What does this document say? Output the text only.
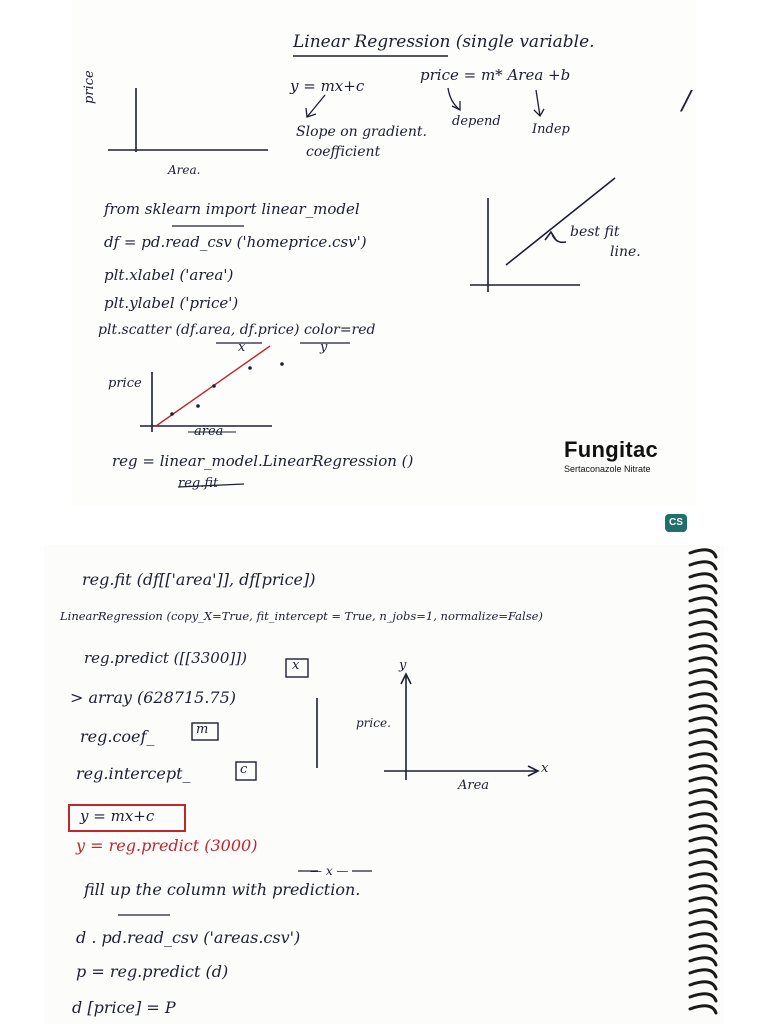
Linear Regression (single variable.
y = mx+c
price = m* Area +b
Slope on gradient.
coefficient
depend
Indep
price
Area.
/
from sklearn import linear_model
df = pd.read_csv ('homeprice.csv')
plt.xlabel ('area')
plt.ylabel ('price')
plt.scatter (df.area, df.price) color=red
x	y
best fit
line.
price
area
reg = linear_model.LinearRegression ()
reg.fit
Fungitac
Sertaconazole Nitrate
CS
reg.fit (df[['area']], df[price])
LinearRegression (copy_X=True, fit_intercept = True, n_jobs=1, normalize=False)
reg.predict ([[3300]])	x
> array (628715.75)
reg.coef_	m
reg.intercept_	c
price.
y
x
Area
y = mx+c
y = reg.predict (3000)
— x —
fill up the column with prediction.
d . pd.read_csv ('areas.csv')
p = reg.predict (d)
d [price] = P
